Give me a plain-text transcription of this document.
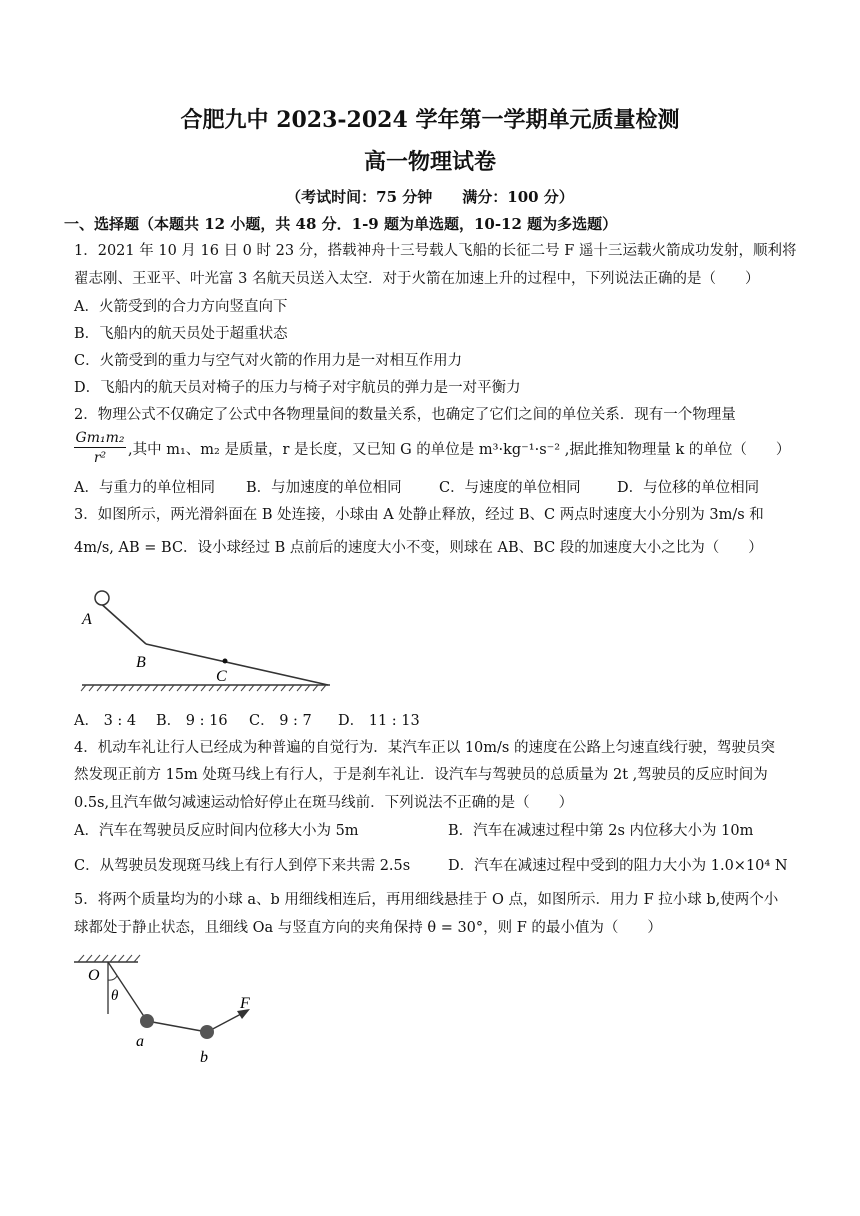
合肥九中 2023-2024 学年第一学期单元质量检测
高一物理试卷
（考试时间：75 分钟　　满分：100 分）
一、选择题（本题共 12 小题，共 48 分．1-9 题为单选题，10-12 题为多选题）
1．2021 年 10 月 16 日 0 时 23 分，搭载神舟十三号载人飞船的长征二号 F 遥十三运载火箭成功发射，顺利将
翟志刚、王亚平、叶光富 3 名航天员送入太空．对于火箭在加速上升的过程中，下列说法正确的是（　　）
A．火箭受到的合力方向竖直向下
B．飞船内的航天员处于超重状态
C．火箭受到的重力与空气对火箭的作用力是一对相互作用力
D．飞船内的航天员对椅子的压力与椅子对宇航员的弹力是一对平衡力
2．物理公式不仅确定了公式中各物理量间的数量关系，也确定了它们之间的单位关系．现有一个物理量
$\frac{\text{Gm₁m₂}}{\text{r²}}$ ,其中 m₁、m₂ 是质量，r 是长度，又已知 G 的单位是 m³·kg⁻¹·s⁻² ,据此推知物理量 k 的单位（　　）
A．与重力的单位相同 B．与加速度的单位相同	C．与速度的单位相同	D．与位移的单位相同
3．如图所示，两光滑斜面在 B 处连接，小球由 A 处静止释放，经过 B、C 两点时速度大小分别为 3m/s 和
4m/s, AB = BC．设小球经过 B 点前后的速度大小不变，则球在 AB、BC 段的加速度大小之比为（　　）
A
B
C
A． 3 : 4 B． 9 : 16 C． 9 : 7 D． 11 : 13
4．机动车礼让行人已经成为种普遍的自觉行为．某汽车正以 10m/s 的速度在公路上匀速直线行驶，驾驶员突
然发现正前方 15m 处斑马线上有行人，于是刹车礼让．设汽车与驾驶员的总质量为 2t ,驾驶员的反应时间为
0.5s,且汽车做匀减速运动恰好停止在斑马线前．下列说法不正确的是（　　）
A．汽车在驾驶员反应时间内位移大小为 5m	B．汽车在减速过程中第 2s 内位移大小为 10m
C．从驾驶员发现斑马线上有行人到停下来共需 2.5s	D．汽车在减速过程中受到的阻力大小为 1.0×10⁴ N
5．将两个质量均为的小球 a、b 用细线相连后，再用细线悬挂于 O 点，如图所示．用力 F 拉小球 b,使两个小
球都处于静止状态，且细线 Oa 与竖直方向的夹角保持 θ = 30°，则 F 的最小值为（　　）
O
θ
a
b
F
